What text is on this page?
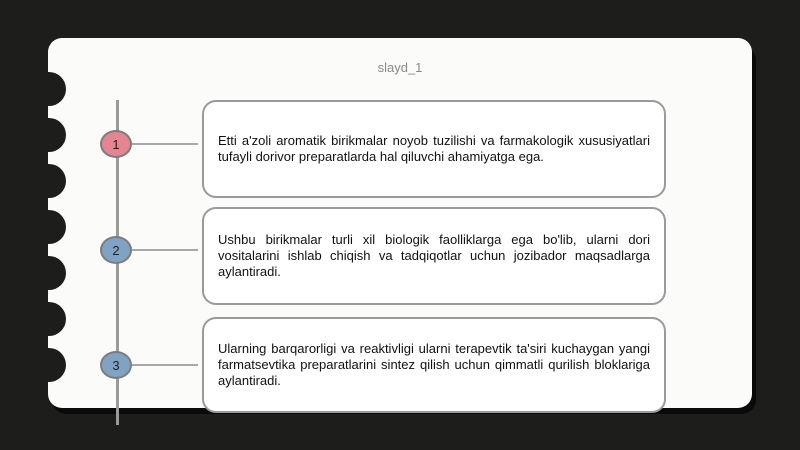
slayd_1
1
2
3
Etti a'zoli aromatik birikmalar noyob tuzilishi va farmakologik xususiyatlari tufayli dorivor preparatlarda hal qiluvchi ahamiyatga ega.
Ushbu birikmalar turli xil biologik faolliklarga ega bo'lib, ularni dori vositalarini ishlab chiqish va tadqiqotlar uchun jozibador maqsadlarga aylantiradi.
Ularning barqarorligi va reaktivligi ularni terapevtik ta'siri kuchaygan yangi farmatsevtika preparatlarini sintez qilish uchun qimmatli qurilish bloklariga aylantiradi.
